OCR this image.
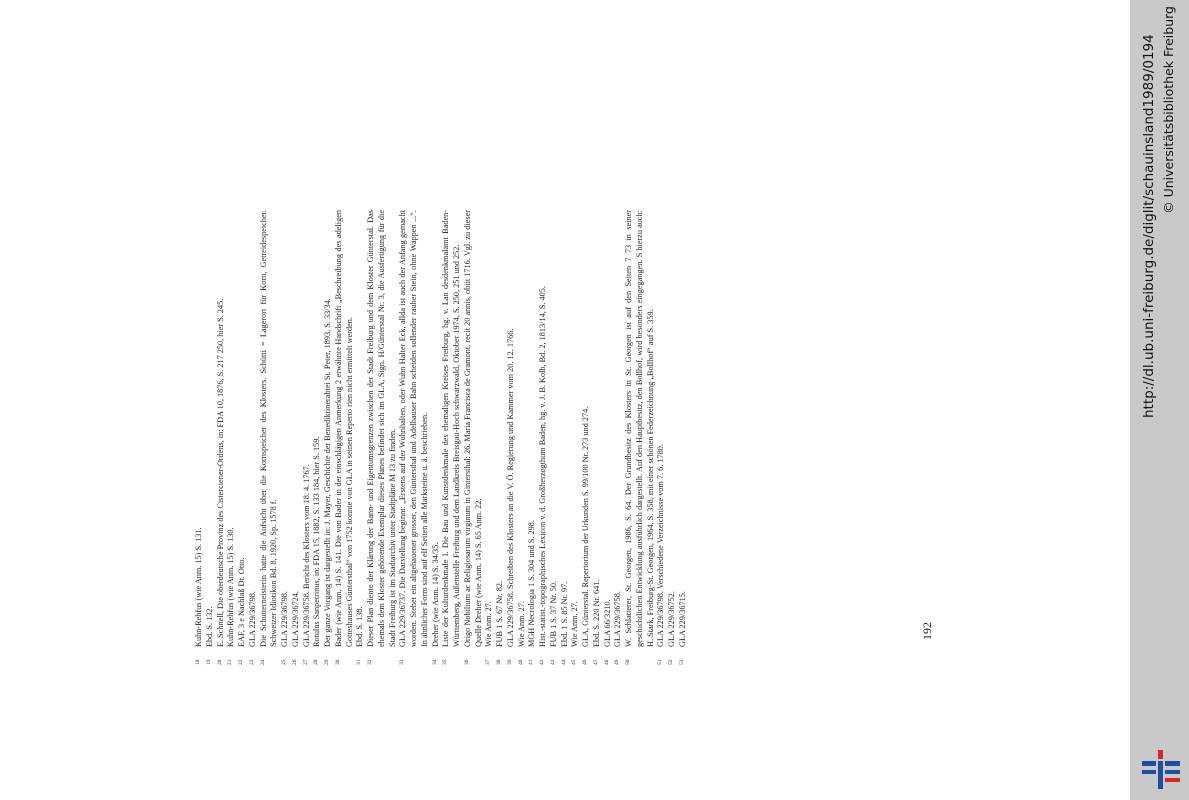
18
Kuhn-Rehfus (wie Anm. 15) S. 131.
19
Ebd. S. 132.
20
E. Schnell, Die oberdeutsche Provinz des Cisterciener-Ordens, in: FDA 10, 1876, S. 217 250, hier S. 245.
21
Kuhn-Rehfus (wie Anm. 15) S. 130.
22
EAF, 3 e Nachlaß Dr. Otto.
23
GLA 229/36798.
24
Die Schutterneisterin hatte die Aufsicht über die Kornspeicher des Klosters. Schütti = Lagerort für Korn, Getreidespeicher. Schweizer Idiotikon Bd. 8, 1920, Sp. 1578 f.
25
GLA 229/36798.
26
GLA 229/36724.
27
GLA 229/36758. Bericht des Klosters vom 18. 4. 1767.
28
Rotulus Sanpetrinus, in: FDA 15, 1882, S. 133 184, hier S. 159.
29
Der ganze Vorgang ist dargestellt in: J. Mayer, Geschichte der Benediktinerabtei St. Peter, 1893, S. 33/34.
30
Bader (wie Anm. 14) S. 141. Die von Bader in der einschlägigen Anmerkung 2 erwähnte Handschrift „Beschreibung des adeligen Gotteshauses Güntersthal“ von 1752 konnte von GLA in seinen Reperto rien nicht ermittelt werden.
31
Ebd. S. 138.
32
Dieser Plan diente der Klärung der Bann- und Eigentumsgrenzen zwischen der Stadt Freiburg und dem Kloster Günterstal. Das ehemals dem Kloster gehörende Exemplar dieses Planes befindet sich im GLA, Sign. H/Günterstal Nr. 3, die Ausfertigung für die Stadt Freiburg ist im Stadtarchiv unter Stadtpläne M 13 zu finden.
33
GLA 229/36737. Die Darstellung beginnt: „Erstens auf der Wuhnhalten, oder Wuhn Halter Eck, allda ist auch der Anfang gemacht worden. Stehet ein altgehauener grosser, den Güntersthal und Adelhauser Bahn scheiden sollender rauher Stein, ohne Wappen ...“. In ähnlicher Form sind auf elf Seiten alle Marksteine u. ä. beschrieben.
34
Dreher (wie Anm. 14) S. 34/35.
35
Liste der Kulturdenkmale I. Die Bau und Kunstdenkmale des ehemaligen Kreises Freiburg, hg. v. Lan desdenkmalamt Baden-Württemberg, Außenstelle Freiburg und dem Landkreis Breisgau-Hoch schwarzwald, Oktober 1974, S. 250, 251 und 252.
36
Origo Nobilium ac Religiosarum virginum in Gintersthal: 26. Maria Francisca de Gramont, recit 20 annis, obiit 1716. Vgl. zu dieser Quelle Dreher (wie Anm. 14) S. 65 Anm. 22.
37
Wie Anm. 27.
38
FUB 1 S. 67 Nr. 82.
39
GLA 229/36758. Schreiben des Klosters an die V. Ö. Regierung und Kammer vom 20. 12. 1766.
40
Wie Anm. 27.
41
MGH Necrologia 1 S. 304 und S. 298.
42
Hist.-statist.-topographisches Lexicon v. d. Großherzogthum Baden, hg. v. J. B. Kolb, Bd. 2, 1813/14, S. 405.
43
FUB 1 S. 37 Nr. 50.
44
Ebd. 1 S. 85 Nr. 97.
45
Wie Anm. 27.
46
GLA, Günterstal. Repertorium der Urkunden S. 99/100 Nr. 273 und 274.
47
Ebd. S. 220 Nr. 641.
48
GLA 66/3210.
49
GLA 229/36758.
50
W. Schlatterer, St. Georgen, 1986, S. 64. Der Grundbesitz des Klosters in St. Georgen ist auf den Seiten 7 73 in seiner geschichtlichen Entwicklung ausführlich dargestellt. Auf den Hauptbesitz, den Bollhof, wird besonders eingegangen. S hierzu auch: H. Stark, Freiburg-St. Georgen, 1964, S. 358, mit einer schönen Federzeichnung „Bollhof“ auf S. 359.
51
GLA 229/36798. Verschiedene Verzeichnisse vom 7. 6. 1780.
52
GLA 229/36752.
53
GLA 229/36715.	192
http://dl.ub.uni-freiburg.de/diglit/schauinsland1989/0194 © Universitätsbibliothek Freiburg
